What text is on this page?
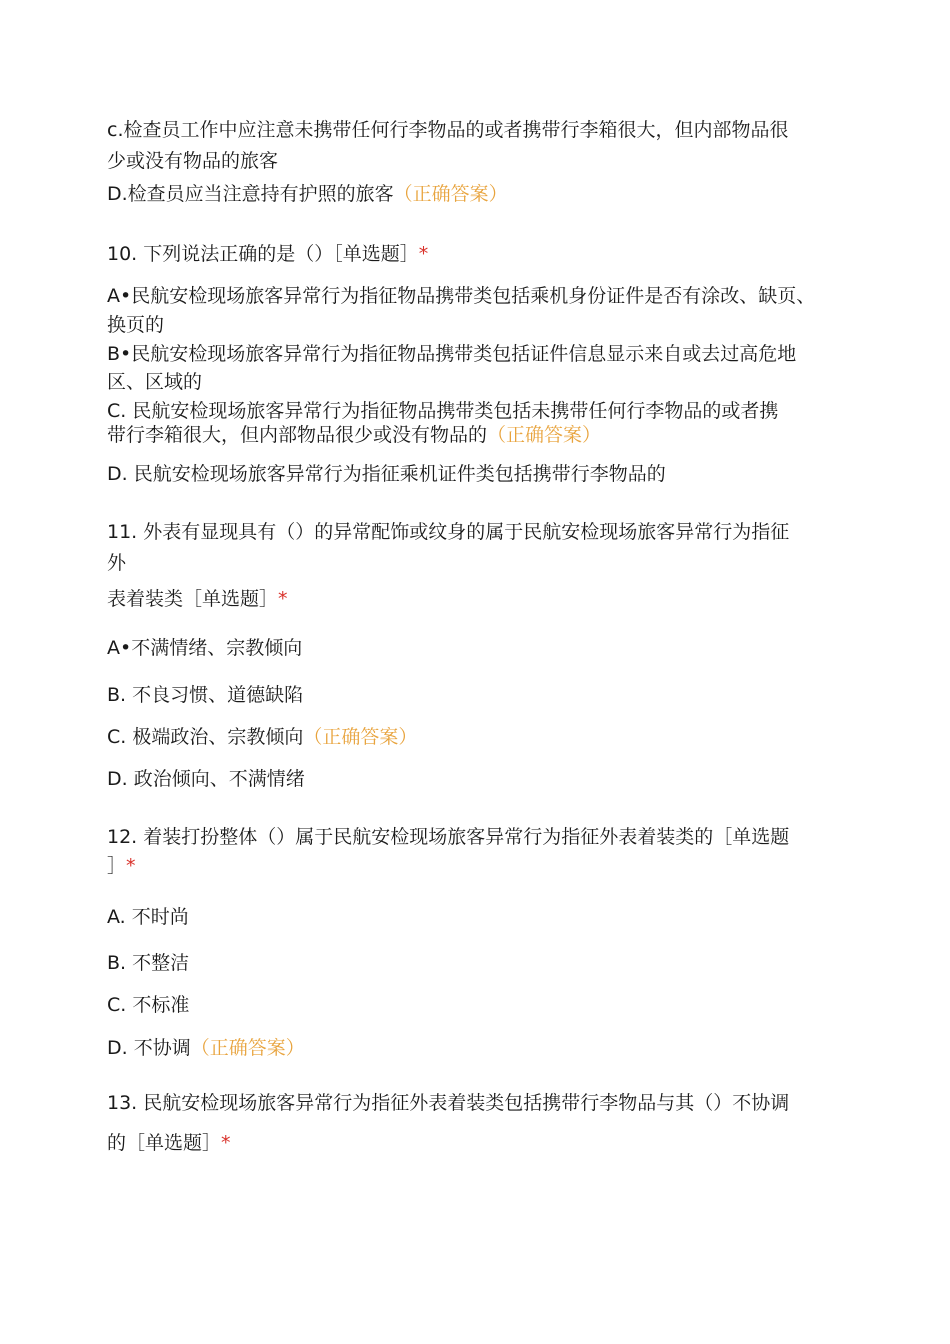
c.检查员工作中应注意未携带任何行李物品的或者携带行李箱很大，但内部物品很
少或没有物品的旅客
D.检查员应当注意持有护照的旅客（正确答案）
10. 下列说法正确的是（）［单选题］*
A•民航安检现场旅客异常行为指征物品携带类包括乘机身份证件是否有涂改、缺页、
换页的
B•民航安检现场旅客异常行为指征物品携带类包括证件信息显示来自或去过高危地
区、区域的
C. 民航安检现场旅客异常行为指征物品携带类包括未携带任何行李物品的或者携
带行李箱很大，但内部物品很少或没有物品的（正确答案）
D. 民航安检现场旅客异常行为指征乘机证件类包括携带行李物品的
11. 外表有显现具有（）的异常配饰或纹身的属于民航安检现场旅客异常行为指征
外
表着装类［单选题］*
A•不满情绪、宗教倾向
B. 不良习惯、道德缺陷
C. 极端政治、宗教倾向（正确答案）
D. 政治倾向、不满情绪
12. 着装打扮整体（）属于民航安检现场旅客异常行为指征外表着装类的［单选题
］*
A. 不时尚
B. 不整洁
C. 不标准
D. 不协调（正确答案）
13. 民航安检现场旅客异常行为指征外表着装类包括携带行李物品与其（）不协调
的［单选题］*
